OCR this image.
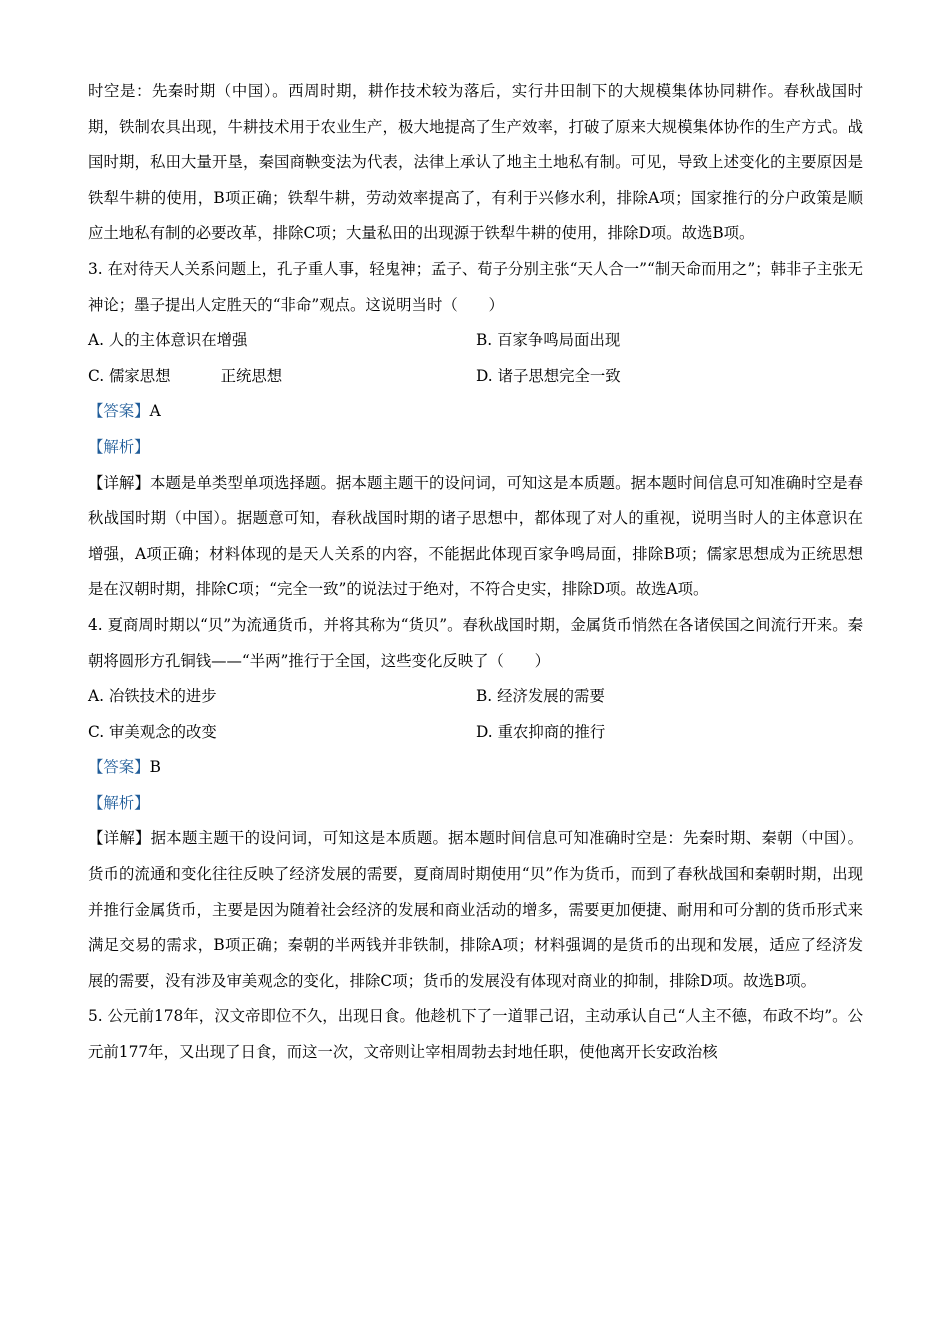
时空是：先秦时期（中国）。西周时期，耕作技术较为落后，实行井田制下的大规模集体协同耕作。春秋战国时期，铁制农具出现，牛耕技术用于农业生产，极大地提高了生产效率，打破了原来大规模集体协作的生产方式。战国时期，私田大量开垦，秦国商鞅变法为代表，法律上承认了地主土地私有制。可见，导致上述变化的主要原因是铁犁牛耕的使用，B项正确；铁犁牛耕，劳动效率提高了，有利于兴修水利，排除A项；国家推行的分户政策是顺应土地私有制的必要改革，排除C项；大量私田的出现源于铁犁牛耕的使用，排除D项。故选B项。

3. 在对待天人关系问题上，孔子重人事，轻鬼神；孟子、荀子分别主张“天人合一”“制天命而用之”；韩非子主张无神论；墨子提出人定胜天的“非命”观点。这说明当时（　　）

A. 人的主体意识在增强	B. 百家争鸣局面出现
C. 儒家思想	正统思想	D. 诸子思想完全一致

【答案】A

【解析】

【详解】本题是单类型单项选择题。据本题主题干的设问词，可知这是本质题。据本题时间信息可知准确时空是春秋战国时期（中国）。据题意可知，春秋战国时期的诸子思想中，都体现了对人的重视，说明当时人的主体意识在增强，A项正确；材料体现的是天人关系的内容，不能据此体现百家争鸣局面，排除B项；儒家思想成为正统思想是在汉朝时期，排除C项；“完全一致”的说法过于绝对，不符合史实，排除D项。故选A项。

4. 夏商周时期以“贝”为流通货币，并将其称为“货贝”。春秋战国时期，金属货币悄然在各诸侯国之间流行开来。秦朝将圆形方孔铜钱——“半两”推行于全国，这些变化反映了（　　）

A. 冶铁技术的进步	B. 经济发展的需要
C. 审美观念的改变	D. 重农抑商的推行

【答案】B

【解析】

【详解】据本题主题干的设问词，可知这是本质题。据本题时间信息可知准确时空是：先秦时期、秦朝（中国）。货币的流通和变化往往反映了经济发展的需要，夏商周时期使用“贝”作为货币，而到了春秋战国和秦朝时期，出现并推行金属货币，主要是因为随着社会经济的发展和商业活动的增多，需要更加便捷、耐用和可分割的货币形式来满足交易的需求，B项正确；秦朝的半两钱并非铁制，排除A项；材料强调的是货币的出现和发展，适应了经济发展的需要，没有涉及审美观念的变化，排除C项；货币的发展没有体现对商业的抑制，排除D项。故选B项。

5. 公元前178年，汉文帝即位不久，出现日食。他趁机下了一道罪己诏，主动承认自己“人主不德，布政不均”。公元前177年，又出现了日食，而这一次，文帝则让宰相周勃去封地任职，使他离开长安政治核
